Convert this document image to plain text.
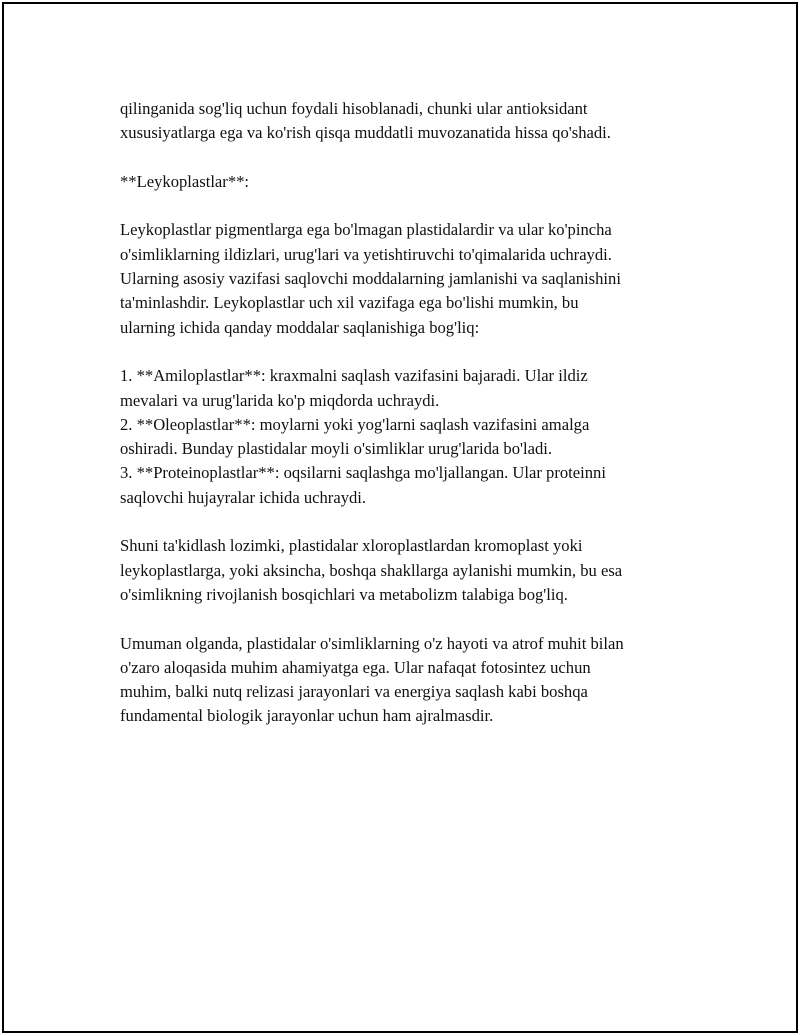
qilinganida sog'liq uchun foydali hisoblanadi, chunki ular antioksidant
xususiyatlarga ega va ko'rish qisqa muddatli muvozanatida hissa qo'shadi.

**Leykoplastlar**:

Leykoplastlar pigmentlarga ega bo'lmagan plastidalardir va ular ko'pincha
o'simliklarning ildizlari, urug'lari va yetishtiruvchi to'qimalarida uchraydi.
Ularning asosiy vazifasi saqlovchi moddalarning jamlanishi va saqlanishini
ta'minlashdir. Leykoplastlar uch xil vazifaga ega bo'lishi mumkin, bu
ularning ichida qanday moddalar saqlanishiga bog'liq:

1. **Amiloplastlar**: kraxmalni saqlash vazifasini bajaradi. Ular ildiz
mevalari va urug'larida ko'p miqdorda uchraydi.
2. **Oleoplastlar**: moylarni yoki yog'larni saqlash vazifasini amalga
oshiradi. Bunday plastidalar moyli o'simliklar urug'larida bo'ladi.
3. **Proteinoplastlar**: oqsilarni saqlashga mo'ljallangan. Ular proteinni
saqlovchi hujayralar ichida uchraydi.

Shuni ta'kidlash lozimki, plastidalar xloroplastlardan kromoplast yoki
leykoplastlarga, yoki aksincha, boshqa shakllarga aylanishi mumkin, bu esa
o'simlikning rivojlanish bosqichlari va metabolizm talabiga bog'liq.

Umuman olganda, plastidalar o'simliklarning o'z hayoti va atrof muhit bilan
o'zaro aloqasida muhim ahamiyatga ega. Ular nafaqat fotosintez uchun
muhim, balki nutq relizasi jarayonlari va energiya saqlash kabi boshqa
fundamental biologik jarayonlar uchun ham ajralmasdir.
